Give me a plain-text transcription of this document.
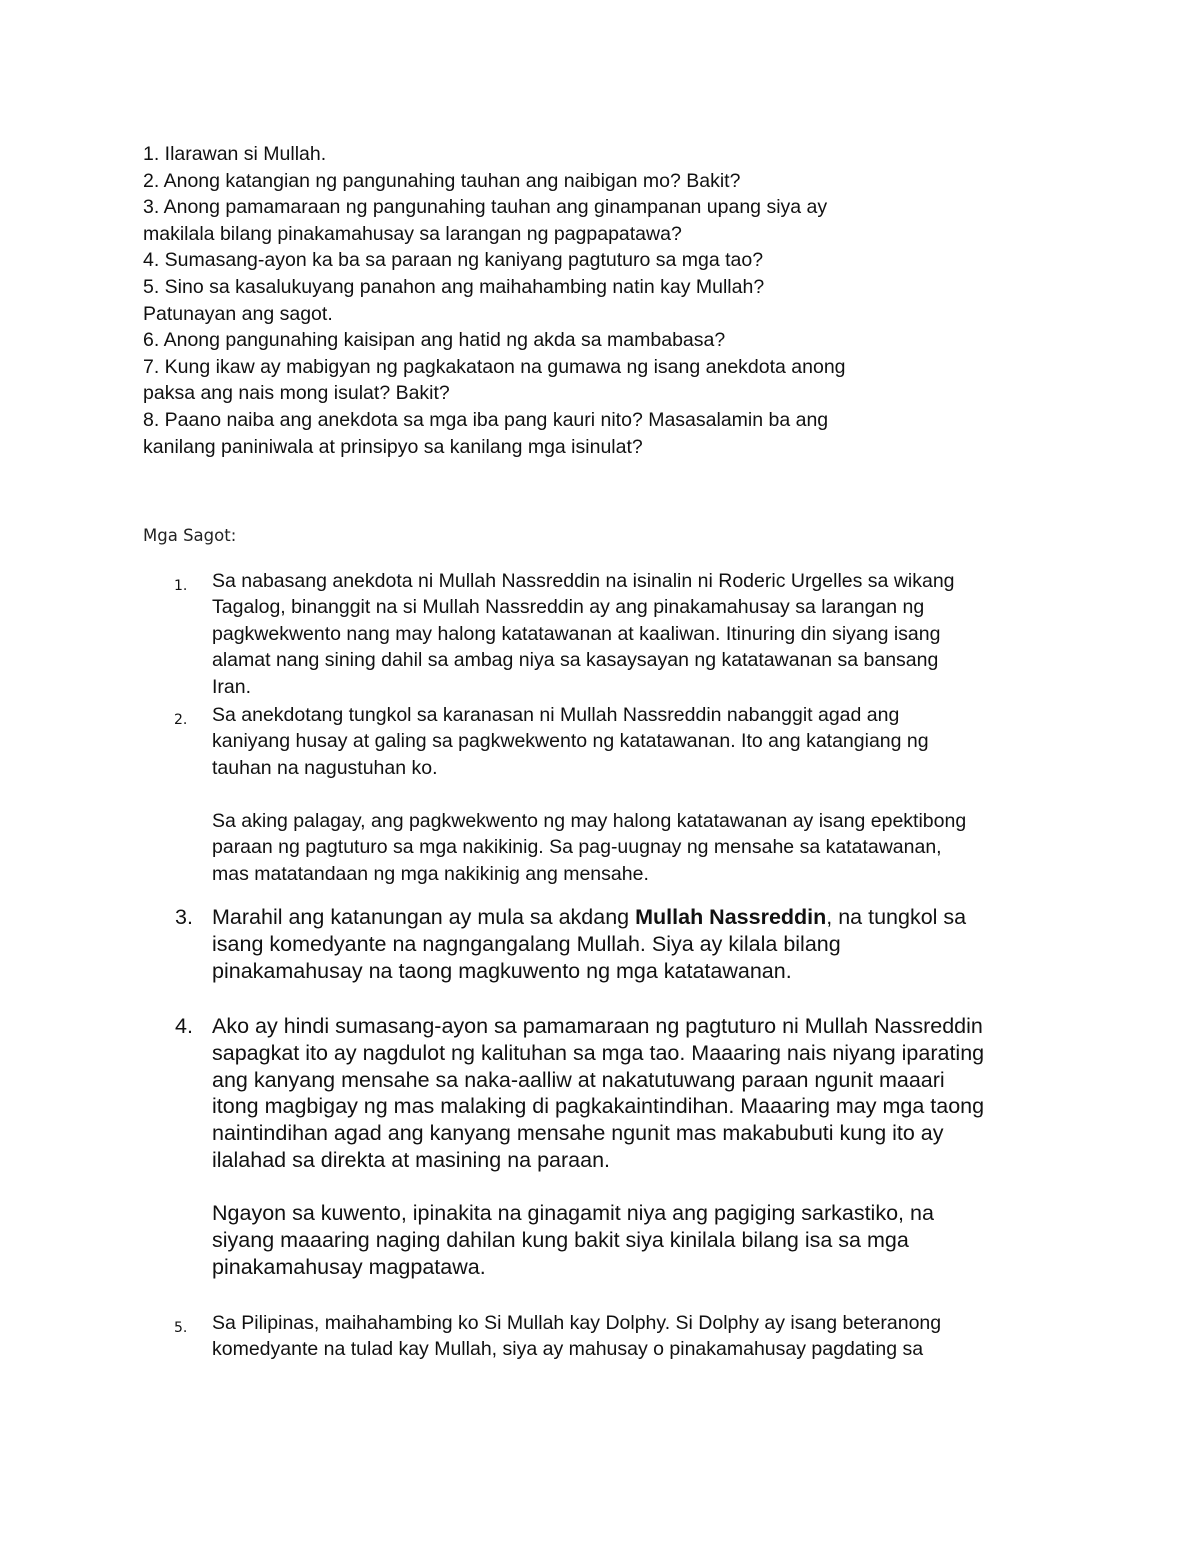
1. Ilarawan si Mullah.

2. Anong katangian ng pangunahing tauhan ang naibigan mo? Bakit?

3. Anong pamamaraan ng pangunahing tauhan ang ginampanan upang siya ay

makilala bilang pinakamahusay sa larangan ng pagpapatawa?

4. Sumasang-ayon ka ba sa paraan ng kaniyang pagtuturo sa mga tao?

5. Sino sa kasalukuyang panahon ang maihahambing natin kay Mullah?

Patunayan ang sagot.

6. Anong pangunahing kaisipan ang hatid ng akda sa mambabasa?

7. Kung ikaw ay mabigyan ng pagkakataon na gumawa ng isang anekdota anong

paksa ang nais mong isulat? Bakit?

8. Paano naiba ang anekdota sa mga iba pang kauri nito? Masasalamin ba ang

kanilang paniniwala at prinsipyo sa kanilang mga isinulat?

Mga Sagot:
1. Sa nabasang anekdota ni Mullah Nassreddin na isinalin ni Roderic Urgelles sa wikang

Tagalog, binanggit na si Mullah Nassreddin ay ang pinakamahusay sa larangan ng

pagkwekwento nang may halong katatawanan at kaaliwan. Itinuring din siyang isang

alamat nang sining dahil sa ambag niya sa kasaysayan ng katatawanan sa bansang

Iran.

2. Sa anekdotang tungkol sa karanasan ni Mullah Nassreddin nabanggit agad ang

kaniyang husay at galing sa pagkwekwento ng katatawanan. Ito ang katangiang ng

tauhan na nagustuhan ko.

Sa aking palagay, ang pagkwekwento ng may halong katatawanan ay isang epektibong

paraan ng pagtuturo sa mga nakikinig. Sa pag-uugnay ng mensahe sa katatawanan,

mas matatandaan ng mga nakikinig ang mensahe.

3. Marahil ang katanungan ay mula sa akdang Mullah Nassreddin, na tungkol sa

isang komedyante na nagngangalang Mullah. Siya ay kilala bilang

pinakamahusay na taong magkuwento ng mga katatawanan.

4. Ako ay hindi sumasang-ayon sa pamamaraan ng pagtuturo ni Mullah Nassreddin

sapagkat ito ay nagdulot ng kalituhan sa mga tao. Maaaring nais niyang iparating

ang kanyang mensahe sa naka-aalliw at nakatutuwang paraan ngunit maaari

itong magbigay ng mas malaking di pagkakaintindihan. Maaaring may mga taong

naintindihan agad ang kanyang mensahe ngunit mas makabubuti kung ito ay

ilalahad sa direkta at masining na paraan.

Ngayon sa kuwento, ipinakita na ginagamit niya ang pagiging sarkastiko, na

siyang maaaring naging dahilan kung bakit siya kinilala bilang isa sa mga

pinakamahusay magpatawa.

5. Sa Pilipinas, maihahambing ko Si Mullah kay Dolphy. Si Dolphy ay isang beteranong

komedyante na tulad kay Mullah, siya ay mahusay o pinakamahusay pagdating sa
